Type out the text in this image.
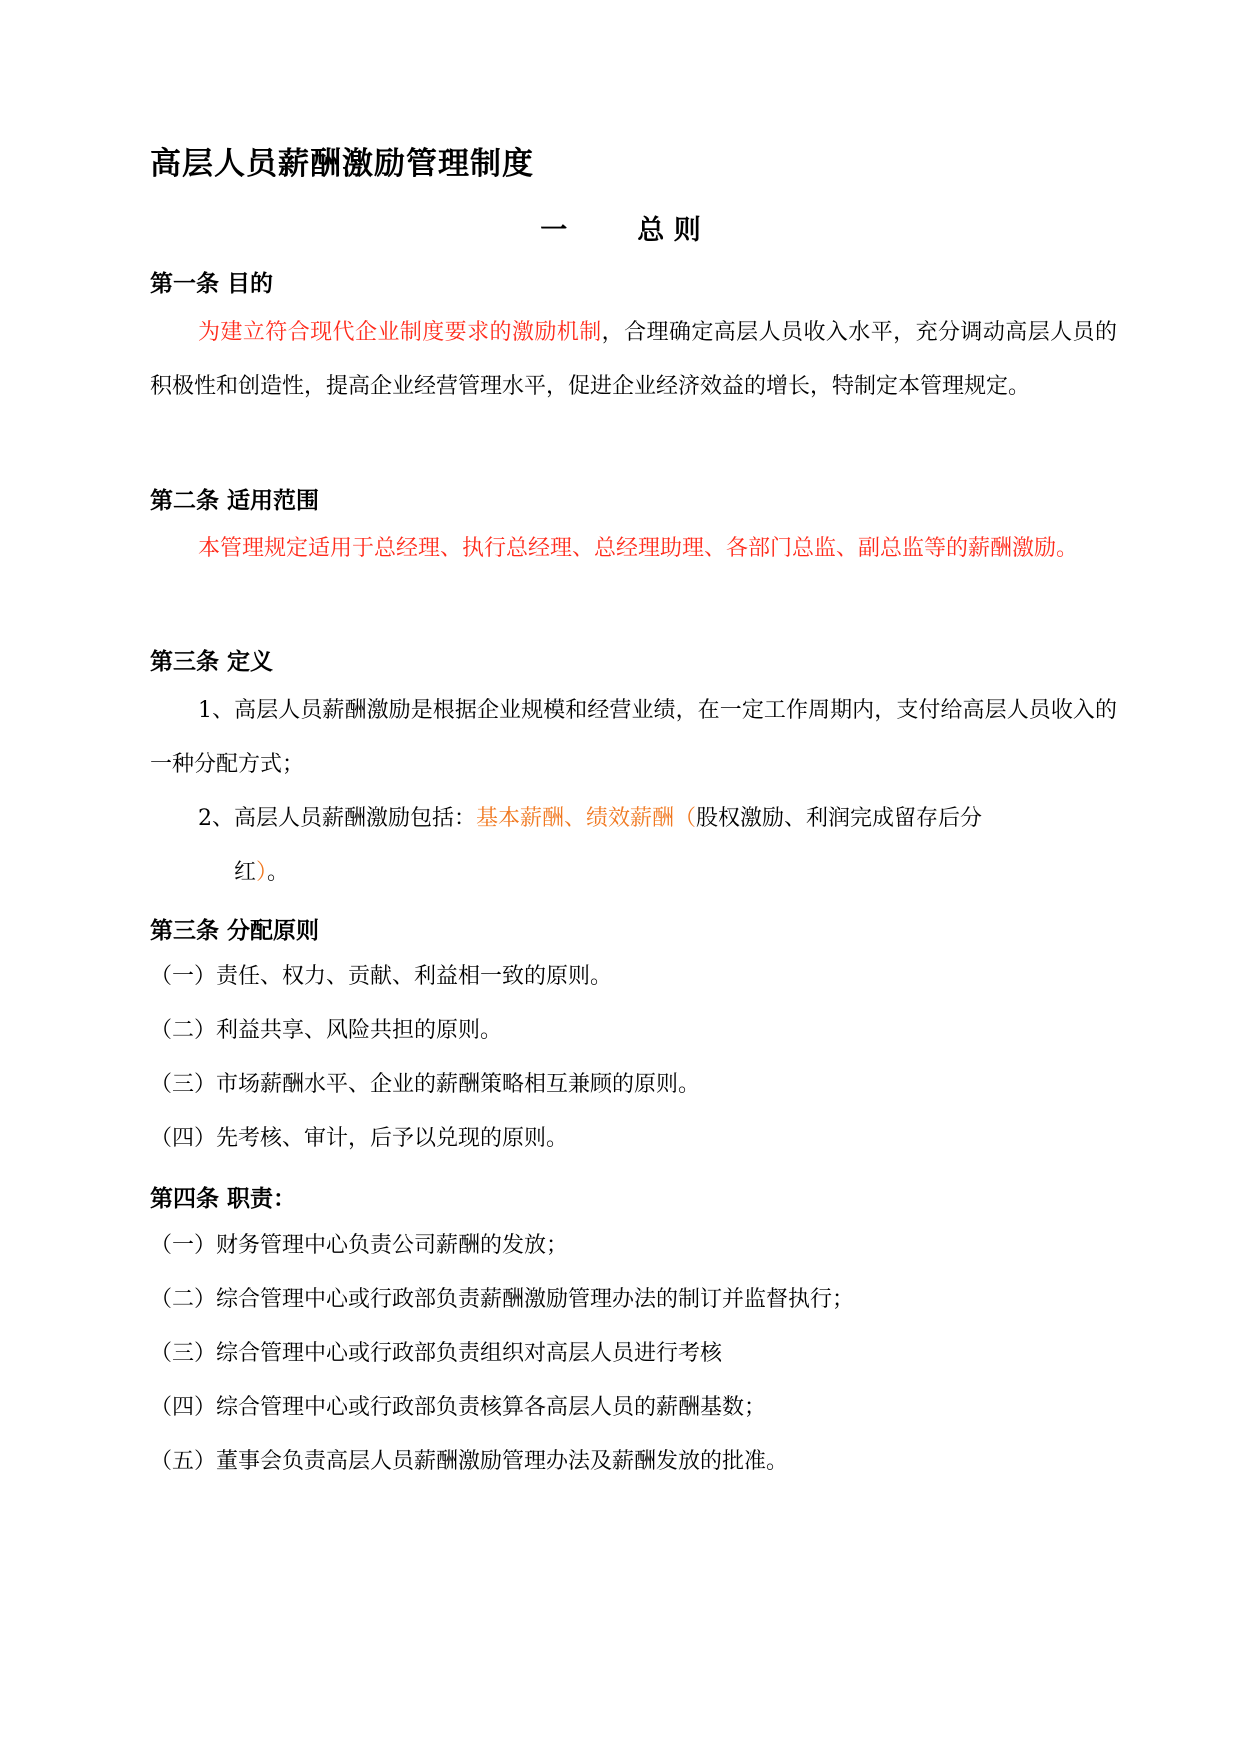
高层人员薪酬激励管理制度
一	总 则
第一条 目的

为建立符合现代企业制度要求的激励机制，合理确定高层人员收入水平，充分调动高层人员的积极性和创造性，提高企业经营管理水平，促进企业经济效益的增长，特制定本管理规定。

第二条 适用范围

本管理规定适用于总经理、执行总经理、总经理助理、各部门总监、副总监等的薪酬激励。

第三条 定义

1、高层人员薪酬激励是根据企业规模和经营业绩，在一定工作周期内，支付给高层人员收入的一种分配方式；

2、高层人员薪酬激励包括：基本薪酬、绩效薪酬（股权激励、利润完成留存后分
红）。

第三条 分配原则

（一）责任、权力、贡献、利益相一致的原则。

（二）利益共享、风险共担的原则。

（三）市场薪酬水平、企业的薪酬策略相互兼顾的原则。

（四）先考核、审计，后予以兑现的原则。

第四条 职责：

（一）财务管理中心负责公司薪酬的发放；

（二）综合管理中心或行政部负责薪酬激励管理办法的制订并监督执行；

（三）综合管理中心或行政部负责组织对高层人员进行考核

（四）综合管理中心或行政部负责核算各高层人员的薪酬基数；

（五）董事会负责高层人员薪酬激励管理办法及薪酬发放的批准。
